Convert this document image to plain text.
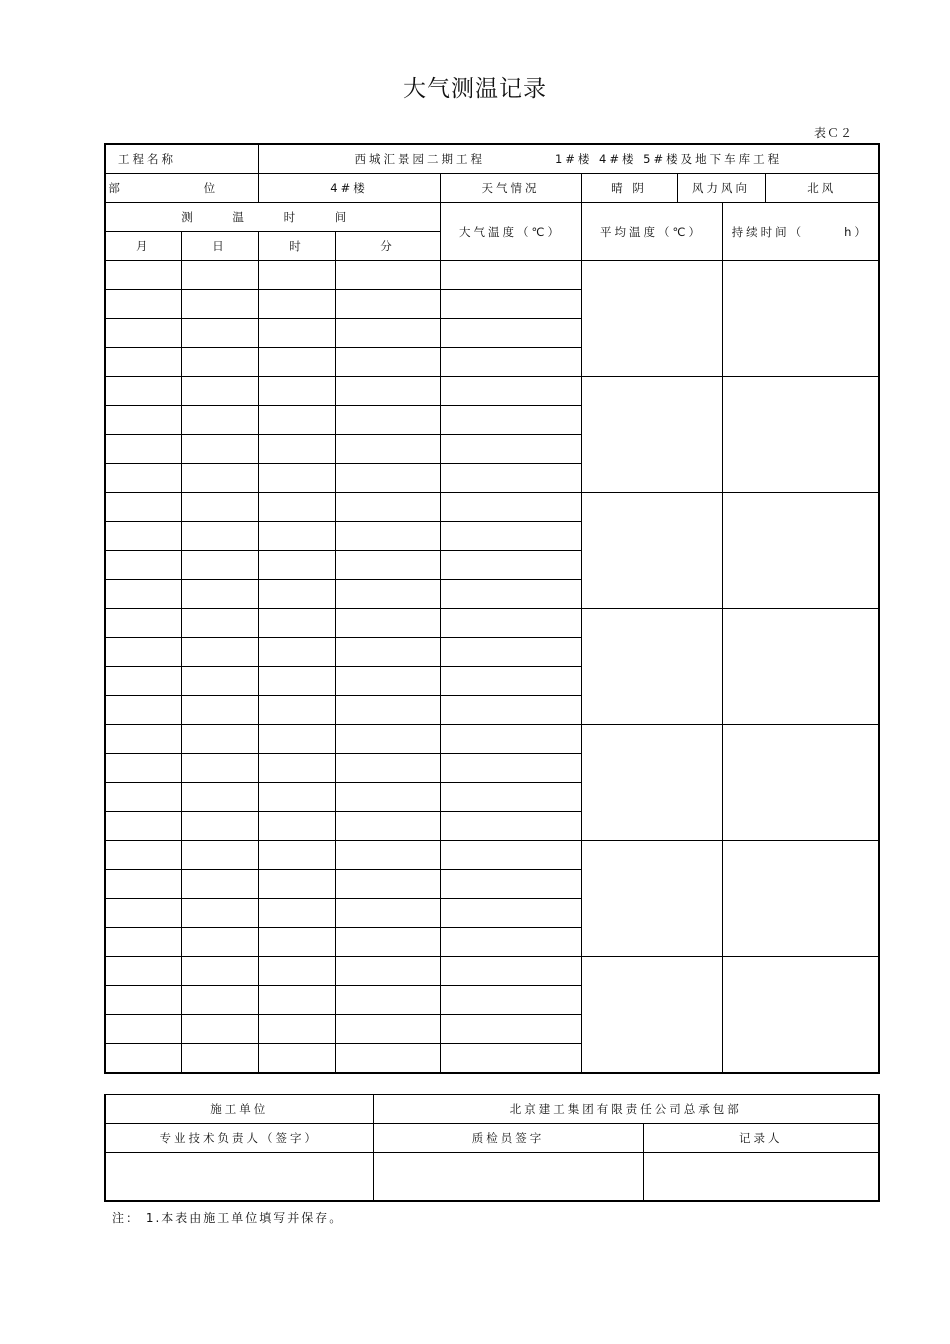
大气测温记录
表Ｃ２
工程名称		西城汇景园二期工程 1#楼 4#楼 5#楼及地下车库工程						
部 位		4#楼		天气情况	晴 阴	风力风向		北风
测 温 时 间				大气温度（℃）	平均温度（℃）		持续时间（ h）	
月	日	时	分					

施工单位	北京建工集团有限责任公司总承包部	
专业技术负责人（签字）	质检员签字	记录人

注： 1.本表由施工单位填写并保存。
